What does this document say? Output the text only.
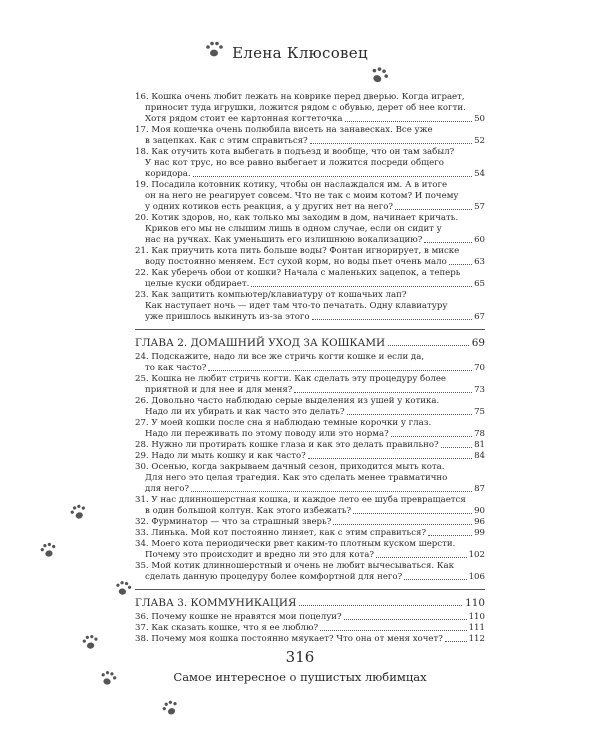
Елена Клюсовец
16. Кошка очень любит лежать на коврике перед дверью. Когда играет,
приносит туда игрушки, ложится рядом с обувью, дерет об нее когти.
Хотя рядом стоит ее картонная когтеточка	50
17. Моя кошечка очень полюбила висеть на занавесках. Все уже
в зацепках. Как с этим справиться?	52
18. Как отучить кота выбегать в подъезд и вообще, что он там забыл?
У нас кот трус, но все равно выбегает и ложится посреди общего
коридора.	54
19. Посадила котовник котику, чтобы он наслаждался им. А в итоге
он на него не реагирует совсем. Что не так с моим котом? И почему
у одних котиков есть реакция, а у других нет на него?	57
20. Котик здоров, но, как только мы заходим в дом, начинает кричать.
Криков его мы не слышим лишь в одном случае, если он сидит у
нас на ручках. Как уменьшить его излишнюю вокализацию?	60
21. Как приучить кота пить больше воды? Фонтан игнорирует, в миске
воду постоянно меняем. Ест сухой корм, но воды пьет очень мало	63
22. Как уберечь обои от кошки? Начала с маленьких зацепок, а теперь
целые куски обдирает.	65
23. Как защитить компьютер/клавиатуру от кошачьих лап?
Как наступает ночь — идет там что-то печатать. Одну клавиатуру
уже пришлось выкинуть из-за этого	67
ГЛАВА 2. ДОМАШНИЙ УХОД ЗА КОШКАМИ	69
24. Подскажите, надо ли все же стричь когти кошке и если да,
то как часто?	70
25. Кошка не любит стричь когти. Как сделать эту процедуру более
приятной и для нее и для меня?	73
26. Довольно часто наблюдаю серые выделения из ушей у котика.
Надо ли их убирать и как часто это делать?	75
27. У моей кошки после сна я наблюдаю темные корочки у глаз.
Надо ли переживать по этому поводу или это норма?	78
28. Нужно ли протирать кошке глаза и как это делать правильно?	81
29. Надо ли мыть кошку и как часто?	84
30. Осенью, когда закрываем дачный сезон, приходится мыть кота.
Для него это целая трагедия. Как это сделать менее травматично
для него?	87
31. У нас длинношерстная кошка, и каждое лето ее шуба превращается
в один большой колтун. Как этого избежать?	90
32. Фурминатор — что за страшный зверь?	96
33. Линька. Мой кот постоянно линяет, как с этим справиться?	99
34. Моего кота периодически рвет каким-то плотным куском шерсти.
Почему это происходит и вредно ли это для кота?	102
35. Мой котик длинношерстный и очень не любит вычесываться. Как
сделать данную процедуру более комфортной для него?	106
ГЛАВА 3. КОММУНИКАЦИЯ	110
36. Почему кошке не нравятся мои поцелуи?	110
37. Как сказать кошке, что я ее люблю?	111
38. Почему моя кошка постоянно мяукает? Что она от меня хочет?	112
316
Самое интересное о пушистых любимцах
